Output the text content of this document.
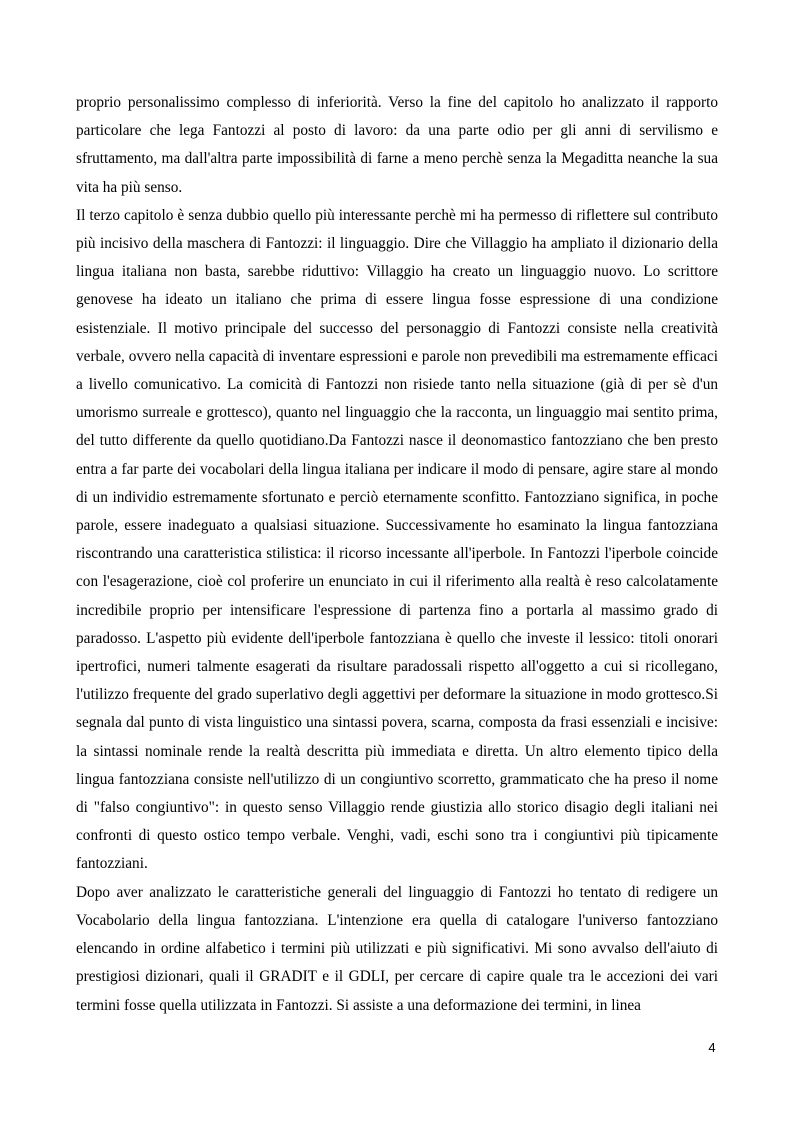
proprio personalissimo complesso di inferiorità. Verso la fine del capitolo ho analizzato il rapporto particolare che lega Fantozzi al posto di lavoro: da una parte odio per gli anni di servilismo e sfruttamento, ma dall'altra parte impossibilità di farne a meno perchè senza la Megaditta neanche la sua vita ha più senso.

Il terzo capitolo è senza dubbio quello più interessante perchè mi ha permesso di riflettere sul contributo più incisivo della maschera di Fantozzi: il linguaggio. Dire che Villaggio ha ampliato il dizionario della lingua italiana non basta, sarebbe riduttivo: Villaggio ha creato un linguaggio nuovo. Lo scrittore genovese ha ideato un italiano che prima di essere lingua fosse espressione di una condizione esistenziale. Il motivo principale del successo del personaggio di Fantozzi consiste nella creatività verbale, ovvero nella capacità di inventare espressioni e parole non prevedibili ma estremamente efficaci a livello comunicativo. La comicità di Fantozzi non risiede tanto nella situazione (già di per sè d'un umorismo surreale e grottesco), quanto nel linguaggio che la racconta, un linguaggio mai sentito prima, del tutto differente da quello quotidiano.Da Fantozzi nasce il deonomastico fantozziano che ben presto entra a far parte dei vocabolari della lingua italiana per indicare il modo di pensare, agire stare al mondo di un individio estremamente sfortunato e perciò eternamente sconfitto. Fantozziano significa, in poche parole, essere inadeguato a qualsiasi situazione. Successivamente ho esaminato la lingua fantozziana riscontrando una caratteristica stilistica: il ricorso incessante all'iperbole. In Fantozzi l'iperbole coincide con l'esagerazione, cioè col proferire un enunciato in cui il riferimento alla realtà è reso calcolatamente incredibile proprio per intensificare l'espressione di partenza fino a portarla al massimo grado di paradosso. L'aspetto più evidente dell'iperbole fantozziana è quello che investe il lessico: titoli onorari ipertrofici, numeri talmente esagerati da risultare paradossali rispetto all'oggetto a cui si ricollegano, l'utilizzo frequente del grado superlativo degli aggettivi per deformare la situazione in modo grottesco.Si segnala dal punto di vista linguistico una sintassi povera, scarna, composta da frasi essenziali e incisive: la sintassi nominale rende la realtà descritta più immediata e diretta. Un altro elemento tipico della lingua fantozziana consiste nell'utilizzo di un congiuntivo scorretto, grammaticato che ha preso il nome di "falso congiuntivo": in questo senso Villaggio rende giustizia allo storico disagio degli italiani nei confronti di questo ostico tempo verbale. Venghi, vadi, eschi sono tra i congiuntivi più tipicamente fantozziani.

Dopo aver analizzato le caratteristiche generali del linguaggio di Fantozzi ho tentato di redigere un Vocabolario della lingua fantozziana. L'intenzione era quella di catalogare l'universo fantozziano elencando in ordine alfabetico i termini più utilizzati e più significativi. Mi sono avvalso dell'aiuto di prestigiosi dizionari, quali il GRADIT e il GDLI, per cercare di capire quale tra le accezioni dei vari termini fosse quella utilizzata in Fantozzi. Si assiste a una deformazione dei termini, in linea

4
